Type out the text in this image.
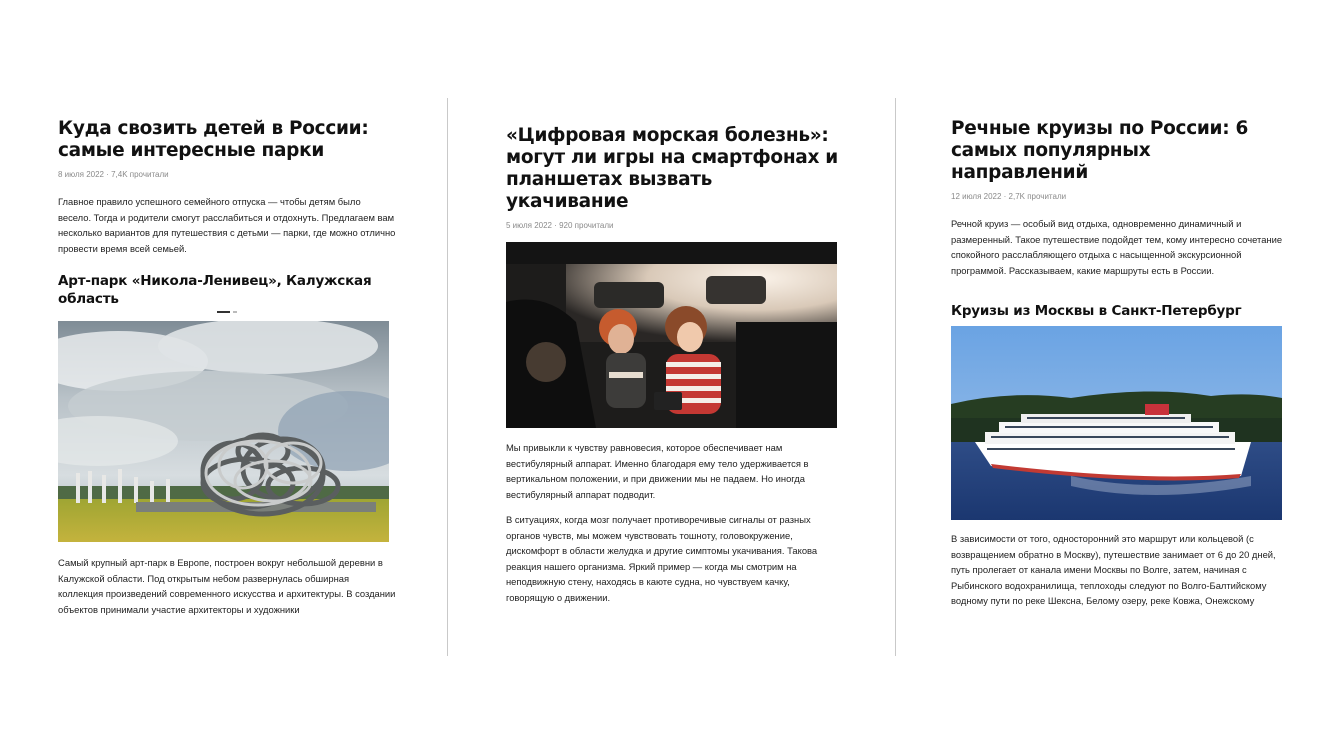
Куда свозить детей в России: самые интересные парки
8 июля 2022 · 7,4K прочитали

Главное правило успешного семейного отпуска — чтобы детям было весело. Тогда и родители смогут расслабиться и отдохнуть. Предлагаем вам несколько вариантов для путешествия с детьми — парки, где можно отлично провести время всей семьей.

Арт-парк «Никола-Ленивец», Калужская область

Самый крупный арт-парк в Европе, построен вокруг небольшой деревни в Калужской области. Под открытым небом развернулась обширная коллекция произведений современного искусства и архитектуры. В создании объектов принимали участие архитекторы и художники

«Цифровая морская болезнь»: могут ли игры на смартфонах и планшетах вызвать укачивание
5 июля 2022 · 920 прочитали

Мы привыкли к чувству равновесия, которое обеспечивает нам вестибулярный аппарат. Именно благодаря ему тело удерживается в вертикальном положении, и при движении мы не падаем. Но иногда вестибулярный аппарат подводит.

В ситуациях, когда мозг получает противоречивые сигналы от разных органов чувств, мы можем чувствовать тошноту, головокружение, дискомфорт в области желудка и другие симптомы укачивания. Такова реакция нашего организма. Яркий пример — когда мы смотрим на неподвижную стену, находясь в каюте судна, но чувствуем качку, говорящую о движении.

Речные круизы по России: 6 самых популярных направлений
12 июля 2022 · 2,7K прочитали

Речной круиз — особый вид отдыха, одновременно динамичный и размеренный. Такое путешествие подойдет тем, кому интересно сочетание спокойного расслабляющего отдыха с насыщенной экскурсионной программой. Рассказываем, какие маршруты есть в России.

Круизы из Москвы в Санкт-Петербург

В зависимости от того, односторонний это маршрут или кольцевой (с возвращением обратно в Москву), путешествие занимает от 6 до 20 дней, путь пролегает от канала имени Москвы по Волге, затем, начиная с Рыбинского водохранилища, теплоходы следуют по Волго-Балтийскому водному пути по реке Шексна, Белому озеру, реке Ковжа, Онежскому
